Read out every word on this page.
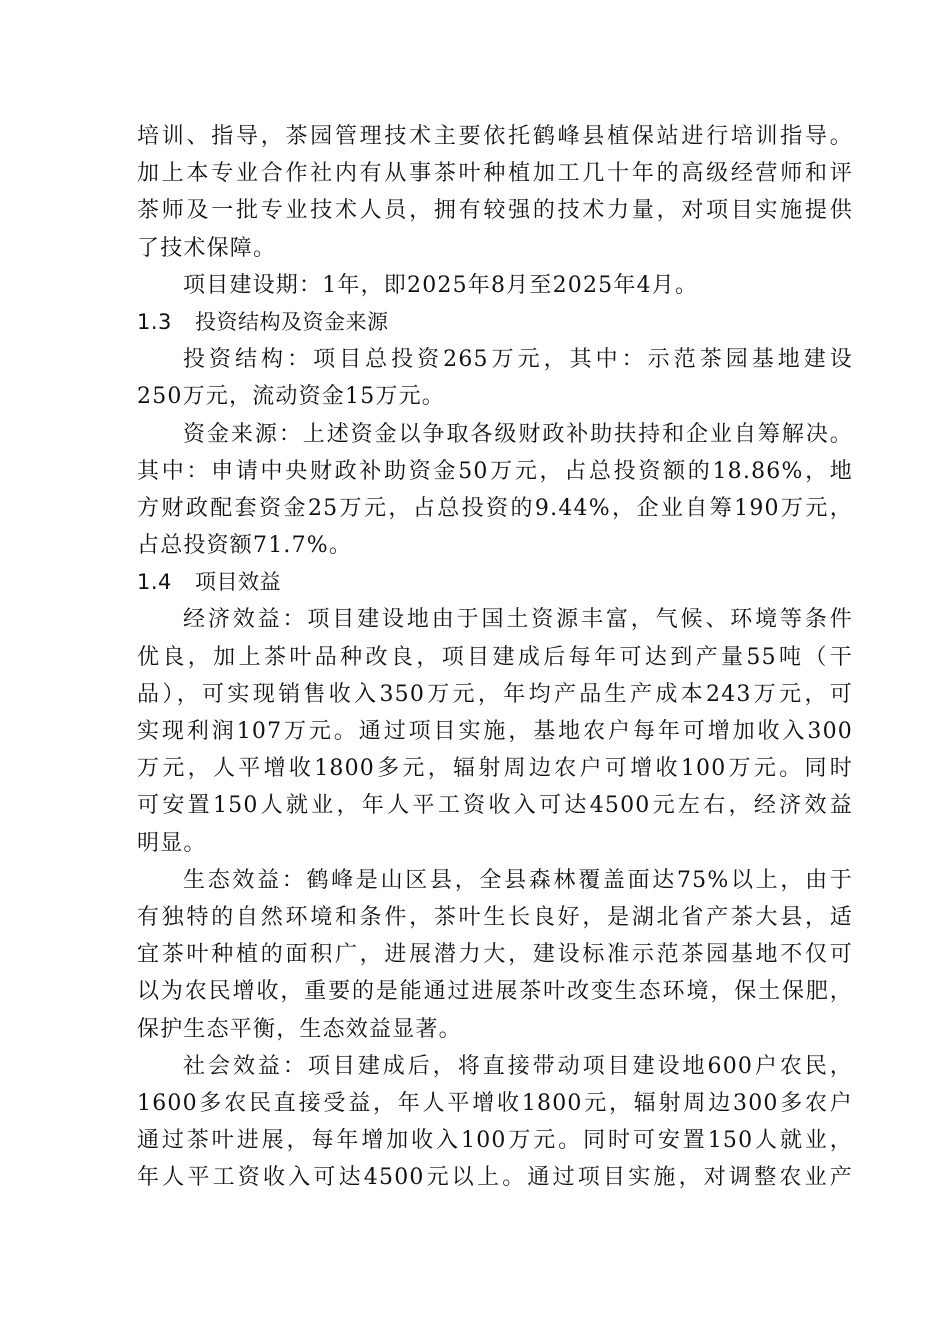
培训、指导，茶园管理技术主要依托鹤峰县植保站进行培训指导。
加上本专业合作社内有从事茶叶种植加工几十年的高级经营师和评
茶师及一批专业技术人员，拥有较强的技术力量，对项目实施提供
了技术保障。
项目建设期：1年，即2025年8月至2025年4月。
1.3 投资结构及资金来源
投资结构：项目总投资265万元，其中：示范茶园基地建设
250万元，流动资金15万元。
资金来源：上述资金以争取各级财政补助扶持和企业自筹解决。
其中：申请中央财政补助资金50万元，占总投资额的18.86%，地
方财政配套资金25万元，占总投资的9.44%，企业自筹190万元，
占总投资额71.7%。
1.4 项目效益
经济效益：项目建设地由于国土资源丰富，气候、环境等条件
优良，加上茶叶品种改良，项目建成后每年可达到产量55吨（干
品），可实现销售收入350万元，年均产品生产成本243万元，可
实现利润107万元。通过项目实施，基地农户每年可增加收入300
万元，人平增收1800多元，辐射周边农户可增收100万元。同时
可安置150人就业，年人平工资收入可达4500元左右，经济效益
明显。
生态效益：鹤峰是山区县，全县森林覆盖面达75%以上，由于
有独特的自然环境和条件，茶叶生长良好，是湖北省产茶大县，适
宜茶叶种植的面积广，进展潜力大，建设标准示范茶园基地不仅可
以为农民增收，重要的是能通过进展茶叶改变生态环境，保土保肥，
保护生态平衡，生态效益显著。
社会效益：项目建成后，将直接带动项目建设地600户农民，
1600多农民直接受益，年人平增收1800元，辐射周边300多农户
通过茶叶进展，每年增加收入100万元。同时可安置150人就业，
年人平工资收入可达4500元以上。通过项目实施，对调整农业产
